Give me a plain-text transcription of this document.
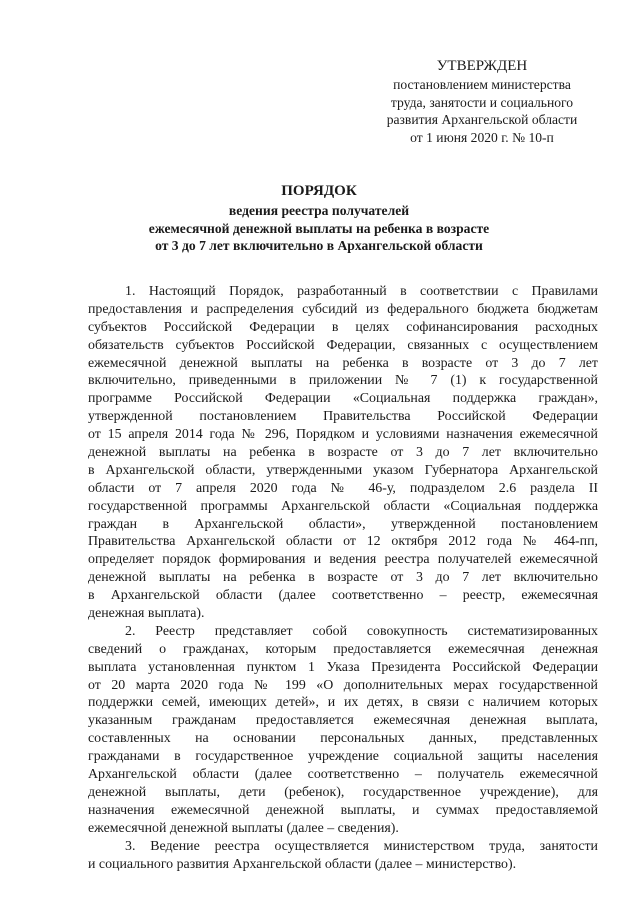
УТВЕРЖДЕН
постановлением министерства
труда, занятости и социального
развития Архангельской области
от 1 июня 2020 г. № 10-п
ПОРЯДОК
ведения реестра получателей
ежемесячной денежной выплаты на ребенка в возрасте
от 3 до 7 лет включительно в Архангельской области
1. Настоящий Порядок, разработанный в соответствии с Правилами
предоставления и распределения субсидий из федерального бюджета бюджетам
субъектов Российской Федерации в целях софинансирования расходных
обязательств субъектов Российской Федерации, связанных с осуществлением
ежемесячной денежной выплаты на ребенка в возрасте от 3 до 7 лет
включительно, приведенными в приложении № 7 (1) к государственной
программе Российской Федерации «Социальная поддержка граждан»,
утвержденной постановлением Правительства Российской Федерации
от 15 апреля 2014 года № 296, Порядком и условиями назначения ежемесячной
денежной выплаты на ребенка в возрасте от 3 до 7 лет включительно
в Архангельской области, утвержденными указом Губернатора Архангельской
области от 7 апреля 2020 года № 46-у, подразделом 2.6 раздела II
государственной программы Архангельской области «Социальная поддержка
граждан в Архангельской области», утвержденной постановлением
Правительства Архангельской области от 12 октября 2012 года № 464-пп,
определяет порядок формирования и ведения реестра получателей ежемесячной
денежной выплаты на ребенка в возрасте от 3 до 7 лет включительно
в Архангельской области (далее соответственно – реестр, ежемесячная
денежная выплата).
2. Реестр представляет собой совокупность систематизированных
сведений о гражданах, которым предоставляется ежемесячная денежная
выплата установленная пунктом 1 Указа Президента Российской Федерации
от 20 марта 2020 года № 199 «О дополнительных мерах государственной
поддержки семей, имеющих детей», и их детях, в связи с наличием которых
указанным гражданам предоставляется ежемесячная денежная выплата,
составленных на основании персональных данных, представленных
гражданами в государственное учреждение социальной защиты населения
Архангельской области (далее соответственно – получатель ежемесячной
денежной выплаты, дети (ребенок), государственное учреждение), для
назначения ежемесячной денежной выплаты, и суммах предоставляемой
ежемесячной денежной выплаты (далее – сведения).
3. Ведение реестра осуществляется министерством труда, занятости
и социального развития Архангельской области (далее – министерство).
